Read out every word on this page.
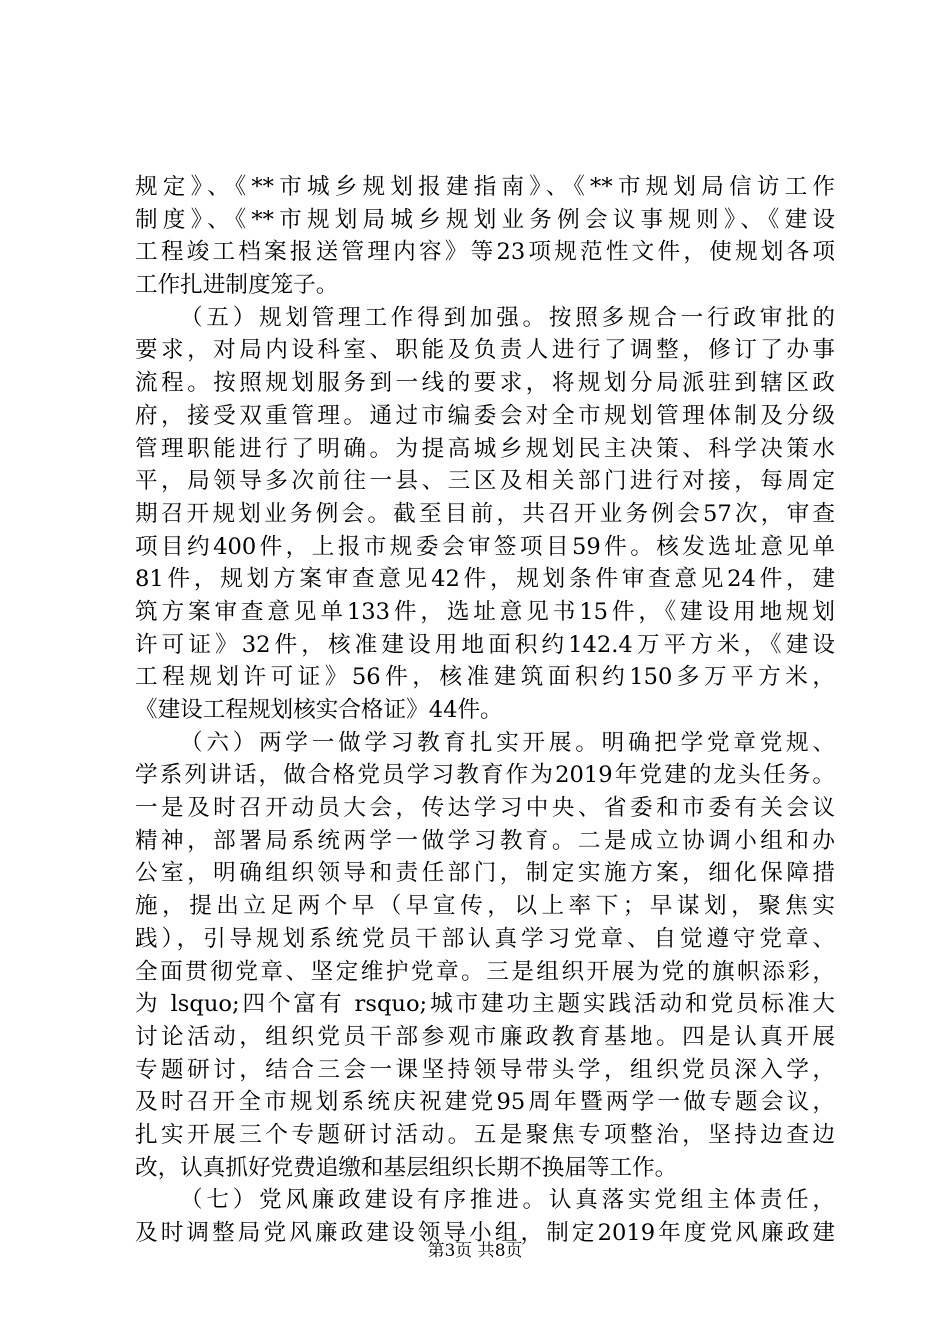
规定》、《**市城乡规划报建指南》、《**市规划局信访工作
制度》、《**市规划局城乡规划业务例会议事规则》、《建设
工程竣工档案报送管理内容》等23项规范性文件，使规划各项
工作扎进制度笼子。
（五）规划管理工作得到加强。按照多规合一行政审批的
要求，对局内设科室、职能及负责人进行了调整，修订了办事
流程。按照规划服务到一线的要求，将规划分局派驻到辖区政
府，接受双重管理。通过市编委会对全市规划管理体制及分级
管理职能进行了明确。为提高城乡规划民主决策、科学决策水
平，局领导多次前往一县、三区及相关部门进行对接，每周定
期召开规划业务例会。截至目前，共召开业务例会57次，审查
项目约400件，上报市规委会审签项目59件。核发选址意见单
81件，规划方案审查意见42件，规划条件审查意见24件，建
筑方案审查意见单133件，选址意见书15件，《建设用地规划
许可证》32件，核准建设用地面积约142.4万平方米，《建设
工程规划许可证》56件，核准建筑面积约150多万平方米，
《建设工程规划核实合格证》44件。
（六）两学一做学习教育扎实开展。明确把学党章党规、
学系列讲话，做合格党员学习教育作为2019年党建的龙头任务。
一是及时召开动员大会，传达学习中央、省委和市委有关会议
精神，部署局系统两学一做学习教育。二是成立协调小组和办
公室，明确组织领导和责任部门，制定实施方案，细化保障措
施，提出立足两个早（早宣传，以上率下；早谋划，聚焦实
践），引导规划系统党员干部认真学习党章、自觉遵守党章、
全面贯彻党章、坚定维护党章。三是组织开展为党的旗帜添彩，
为 lsquo;四个富有 rsquo;城市建功主题实践活动和党员标准大
讨论活动，组织党员干部参观市廉政教育基地。四是认真开展
专题研讨，结合三会一课坚持领导带头学，组织党员深入学，
及时召开全市规划系统庆祝建党95周年暨两学一做专题会议，
扎实开展三个专题研讨活动。五是聚焦专项整治，坚持边查边
改，认真抓好党费追缴和基层组织长期不换届等工作。
（七）党风廉政建设有序推进。认真落实党组主体责任，
及时调整局党风廉政建设领导小组，制定2019年度党风廉政建
第3页 共8页
